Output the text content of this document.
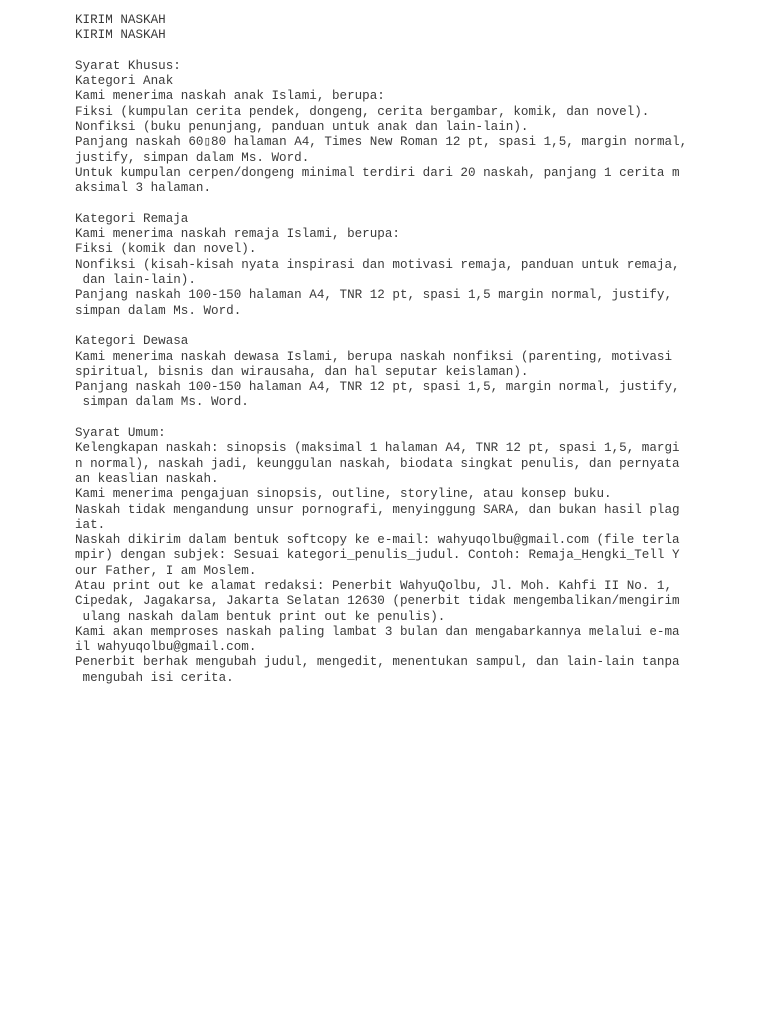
KIRIM NASKAH
KIRIM NASKAH
Syarat Khusus:
Kategori Anak
Kami menerima naskah anak Islami, berupa:
Fiksi (kumpulan cerita pendek, dongeng, cerita bergambar, komik, dan novel).
Nonfiksi (buku penunjang, panduan untuk anak dan lain-lain).
Panjang naskah 60▯80 halaman A4, Times New Roman 12 pt, spasi 1,5, margin normal,
justify, simpan dalam Ms. Word.
Untuk kumpulan cerpen/dongeng minimal terdiri dari 20 naskah, panjang 1 cerita m
aksimal 3 halaman.
Kategori Remaja
Kami menerima naskah remaja Islami, berupa:
Fiksi (komik dan novel).
Nonfiksi (kisah-kisah nyata inspirasi dan motivasi remaja, panduan untuk remaja,
dan lain-lain).
Panjang naskah 100-150 halaman A4, TNR 12 pt, spasi 1,5 margin normal, justify,
simpan dalam Ms. Word.
Kategori Dewasa
Kami menerima naskah dewasa Islami, berupa naskah nonfiksi (parenting, motivasi
spiritual, bisnis dan wirausaha, dan hal seputar keislaman).
Panjang naskah 100-150 halaman A4, TNR 12 pt, spasi 1,5, margin normal, justify,
simpan dalam Ms. Word.
Syarat Umum:
Kelengkapan naskah: sinopsis (maksimal 1 halaman A4, TNR 12 pt, spasi 1,5, margi
n normal), naskah jadi, keunggulan naskah, biodata singkat penulis, dan pernyata
an keaslian naskah.
Kami menerima pengajuan sinopsis, outline, storyline, atau konsep buku.
Naskah tidak mengandung unsur pornografi, menyinggung SARA, dan bukan hasil plag
iat.
Naskah dikirim dalam bentuk softcopy ke e-mail: wahyuqolbu@gmail.com (file terla
mpir) dengan subjek: Sesuai kategori_penulis_judul. Contoh: Remaja_Hengki_Tell Y
our Father, I am Moslem.
Atau print out ke alamat redaksi: Penerbit WahyuQolbu, Jl. Moh. Kahfi II No. 1,
Cipedak, Jagakarsa, Jakarta Selatan 12630 (penerbit tidak mengembalikan/mengirim
ulang naskah dalam bentuk print out ke penulis).
Kami akan memproses naskah paling lambat 3 bulan dan mengabarkannya melalui e-ma
il wahyuqolbu@gmail.com.
Penerbit berhak mengubah judul, mengedit, menentukan sampul, dan lain-lain tanpa
mengubah isi cerita.
